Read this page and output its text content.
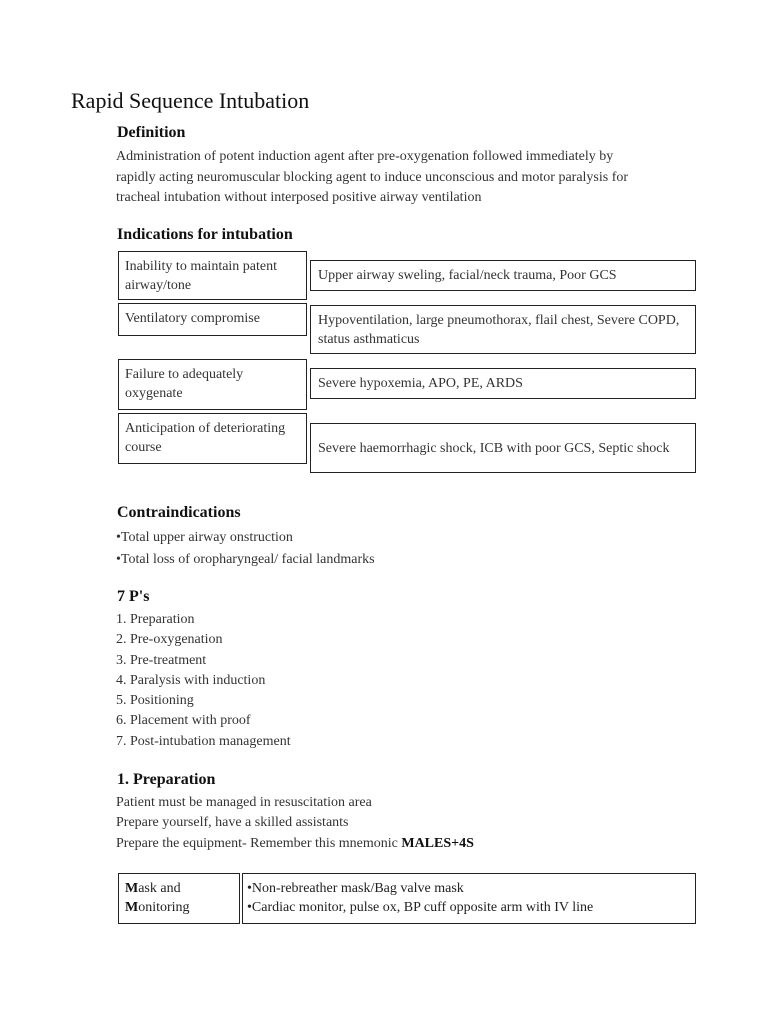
Rapid Sequence Intubation
Definition
Administration of potent induction agent after pre-oxygenation followed immediately by
rapidly acting neuromuscular blocking agent to induce unconscious and motor paralysis for
tracheal intubation without interposed positive airway ventilation
Indications for intubation
Inability to maintain patent airway/tone
Upper airway sweling, facial/neck trauma, Poor GCS
Ventilatory compromise	Hypoventilation, large pneumothorax, flail chest, Severe COPD, status asthmaticus
Failure to adequately oxygenate
Severe hypoxemia, APO, PE, ARDS
Anticipation of deteriorating course	Severe haemorrhagic shock, ICB with poor GCS, Septic shock
Contraindications
•Total upper airway onstruction
•Total loss of oropharyngeal/ facial landmarks
7 P's
1. Preparation
2. Pre-oxygenation
3. Pre-treatment
4. Paralysis with induction
5. Positioning
6. Placement with proof
7. Post-intubation management
1. Preparation
Patient must be managed in resuscitation area
Prepare yourself, have a skilled assistants
Prepare the equipment- Remember this mnemonic MALES+4S
Mask and
Monitoring
•Non-rebreather mask/Bag valve mask
•Cardiac monitor, pulse ox, BP cuff opposite arm with IV line
